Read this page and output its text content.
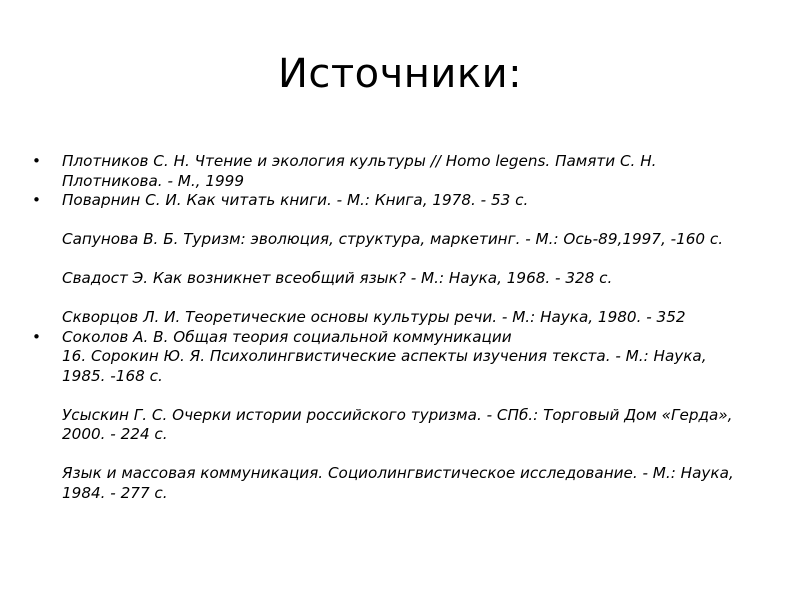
Источники:
• Плотников С. Н. Чтение и экология культуры // Homo legens. Памяти С. Н. Плотникова. - М., 1999
• Поварнин С. И. Как читать книги. - М.: Книга, 1978. - 53 с.
Сапунова В. Б. Туризм: эволюция, структура, маркетинг. - М.: Ось-89,1997, -160 с.
Свадост Э. Как возникнет всеобщий язык? - М.: Наука, 1968. - 328 с.
Скворцов Л. И. Теоретические основы культуры речи. - М.: Наука, 1980. - 352
• Соколов А. В. Общая теория социальной коммуникации
16. Сорокин Ю. Я. Психолингвистические аспекты изучения текста. - М.: Наука, 1985. -168 с.
Усыскин Г. С. Очерки истории российского туризма. - СПб.: Торговый Дом «Герда», 2000. - 224 с.
Язык и массовая коммуникация. Социолингвистическое исследование. - М.: Наука, 1984. - 277 с.
